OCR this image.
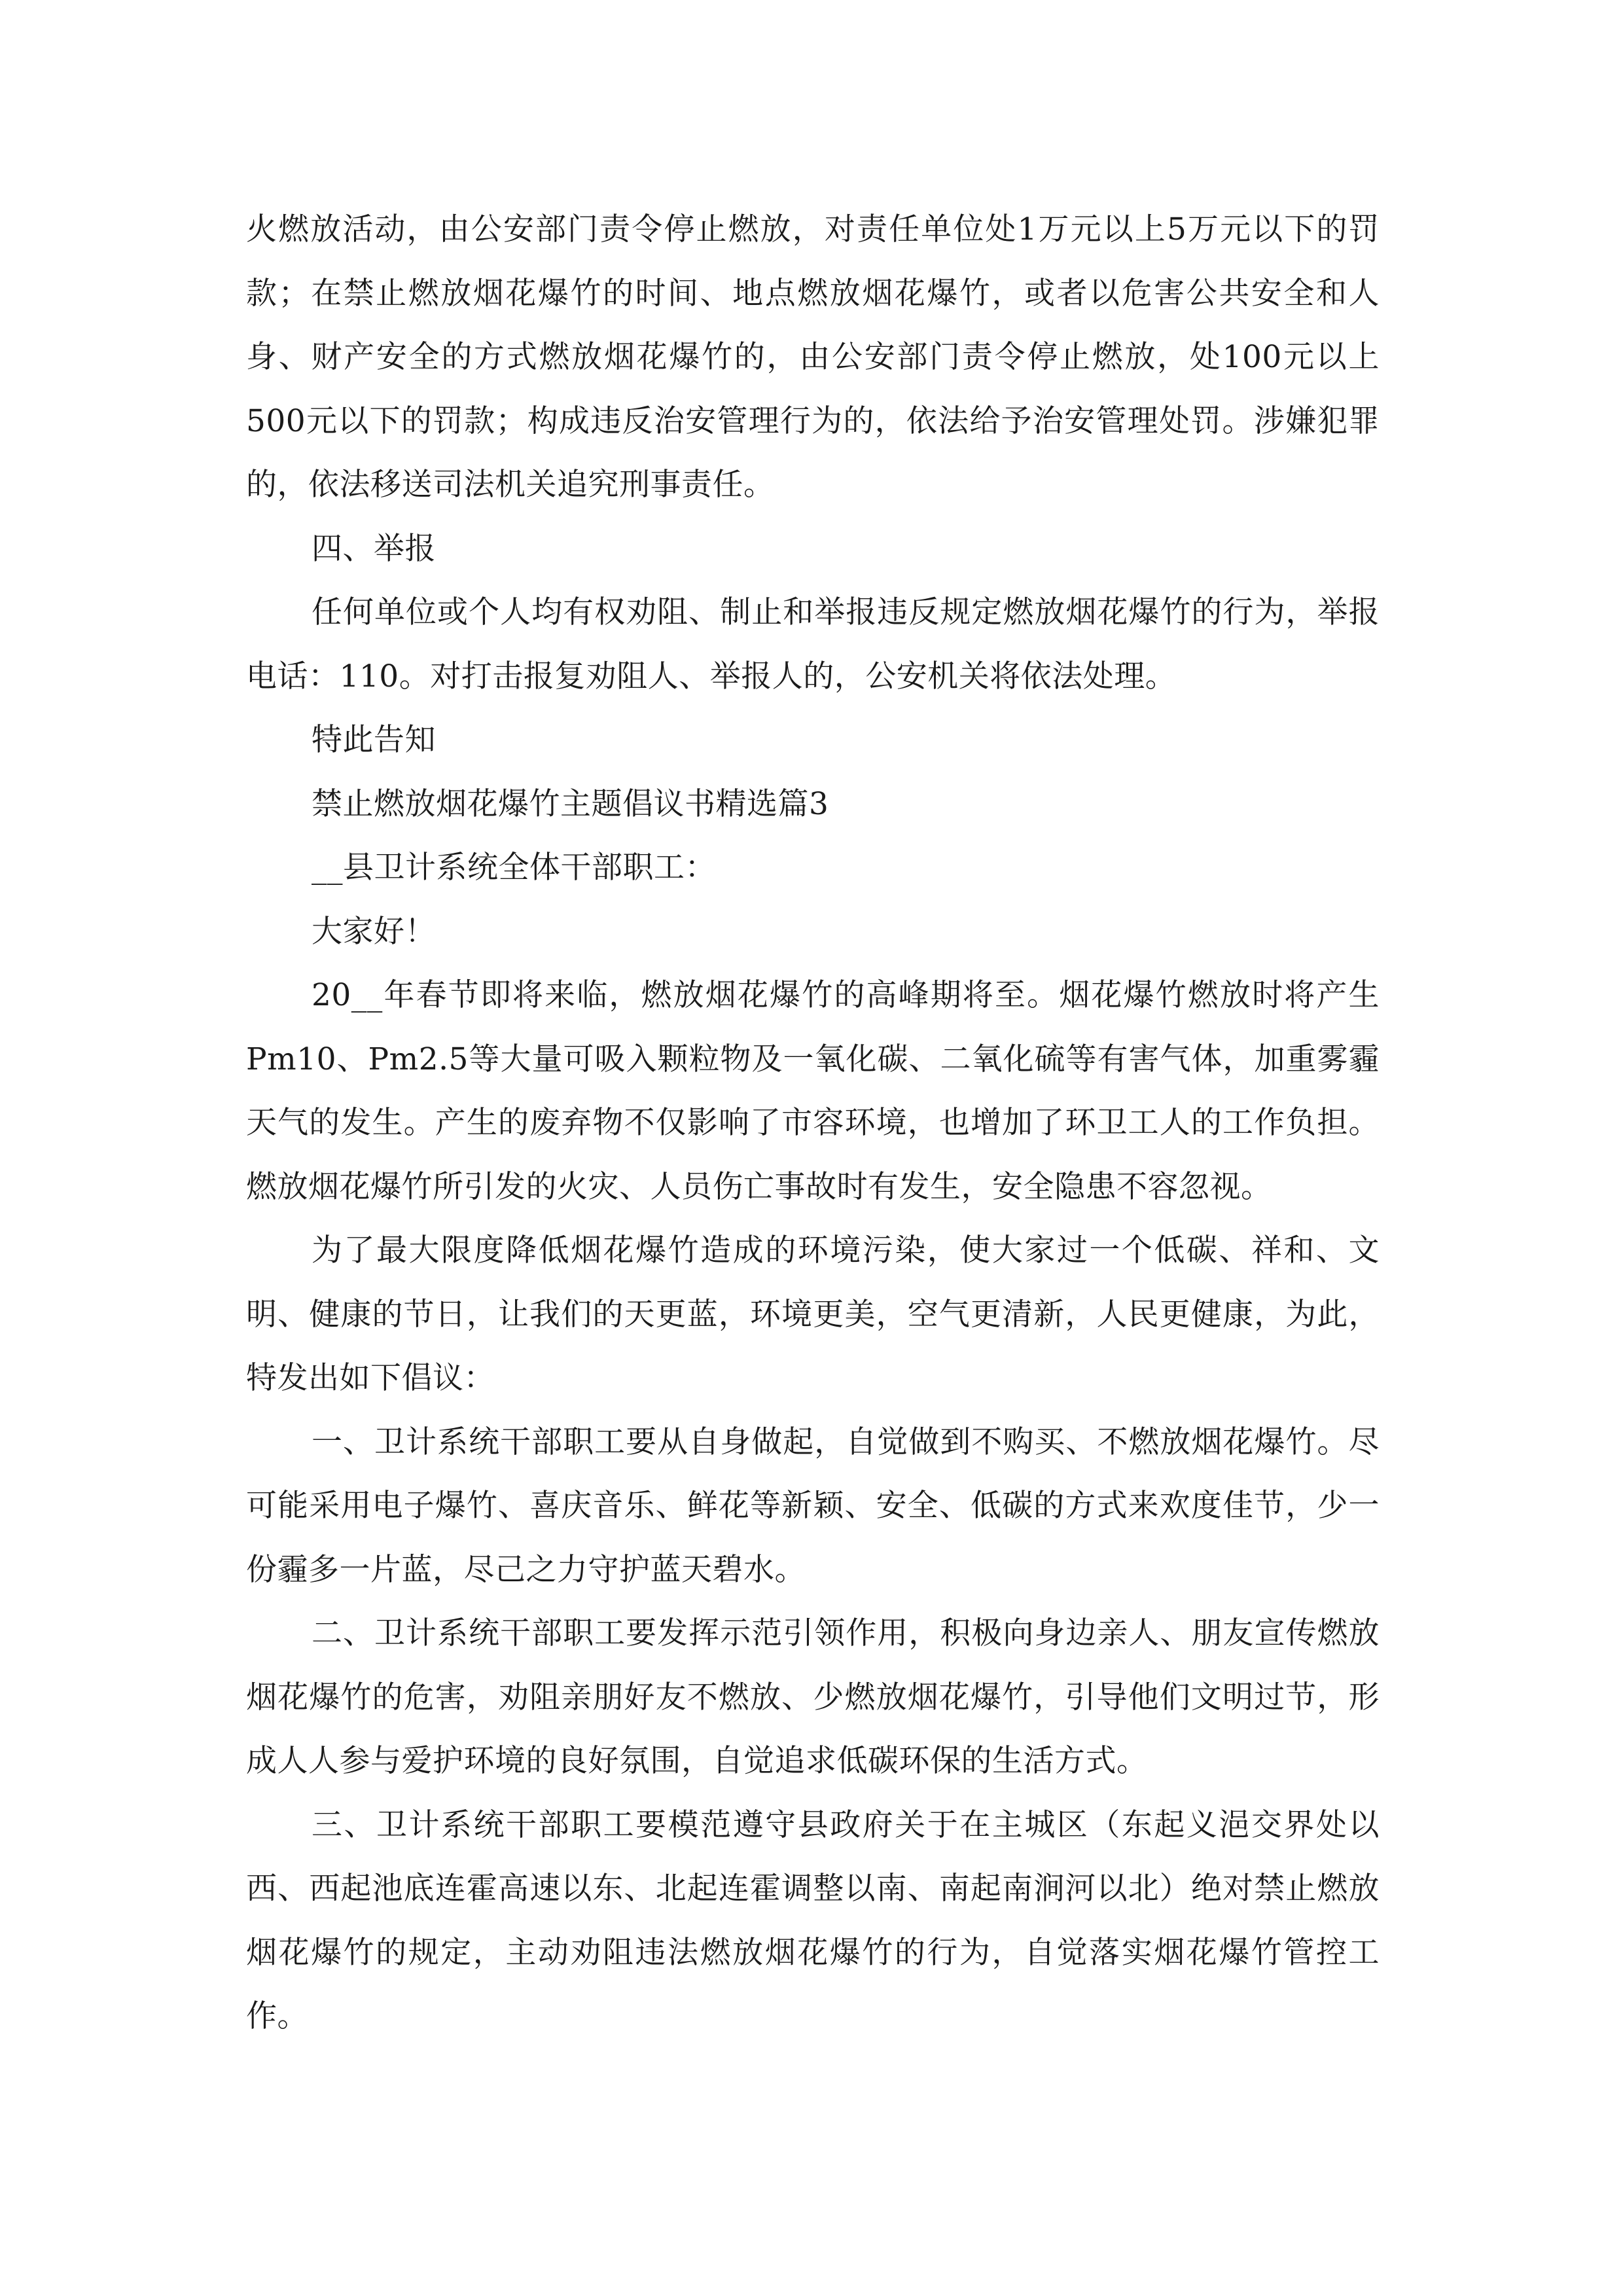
火燃放活动，由公安部门责令停止燃放，对责任单位处1万元以上5万元以下的罚款；在禁止燃放烟花爆竹的时间、地点燃放烟花爆竹，或者以危害公共安全和人身、财产安全的方式燃放烟花爆竹的，由公安部门责令停止燃放，处100元以上500元以下的罚款；构成违反治安管理行为的，依法给予治安管理处罚。涉嫌犯罪的，依法移送司法机关追究刑事责任。

四、举报

任何单位或个人均有权劝阻、制止和举报违反规定燃放烟花爆竹的行为，举报电话：110。对打击报复劝阻人、举报人的，公安机关将依法处理。

特此告知

禁止燃放烟花爆竹主题倡议书精选篇3

__县卫计系统全体干部职工：

大家好！

20__年春节即将来临，燃放烟花爆竹的高峰期将至。烟花爆竹燃放时将产生Pm10、Pm2.5等大量可吸入颗粒物及一氧化碳、二氧化硫等有害气体，加重雾霾天气的发生。产生的废弃物不仅影响了市容环境，也增加了环卫工人的工作负担。燃放烟花爆竹所引发的火灾、人员伤亡事故时有发生，安全隐患不容忽视。

为了最大限度降低烟花爆竹造成的环境污染，使大家过一个低碳、祥和、文明、健康的节日，让我们的天更蓝，环境更美，空气更清新，人民更健康，为此，特发出如下倡议：

一、卫计系统干部职工要从自身做起，自觉做到不购买、不燃放烟花爆竹。尽可能采用电子爆竹、喜庆音乐、鲜花等新颖、安全、低碳的方式来欢度佳节，少一份霾多一片蓝，尽己之力守护蓝天碧水。

二、卫计系统干部职工要发挥示范引领作用，积极向身边亲人、朋友宣传燃放烟花爆竹的危害，劝阻亲朋好友不燃放、少燃放烟花爆竹，引导他们文明过节，形成人人参与爱护环境的良好氛围，自觉追求低碳环保的生活方式。

三、卫计系统干部职工要模范遵守县政府关于在主城区（东起义浥交界处以西、西起池底连霍高速以东、北起连霍调整以南、南起南涧河以北）绝对禁止燃放烟花爆竹的规定，主动劝阻违法燃放烟花爆竹的行为，自觉落实烟花爆竹管控工作。
